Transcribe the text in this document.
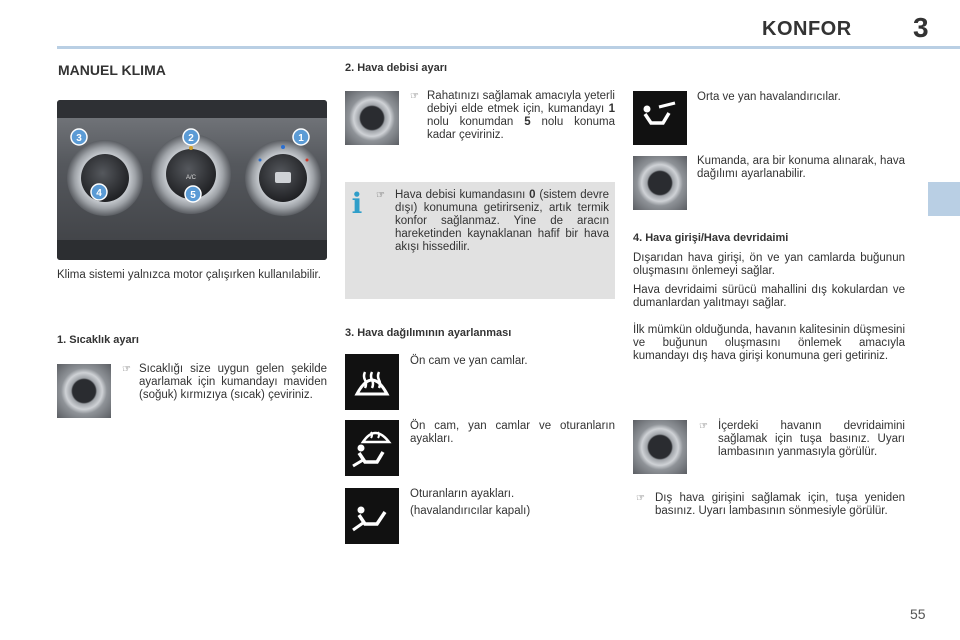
KONFOR 3
MANUEL KLIMA
A/C
3	2	1
4	5
Klima sistemi yalnızca motor çalışırken kullanılabilir.
1. Sıcaklık ayarı
☞ Sıcaklığı size uygun gelen şekilde ayarlamak için kumandayı maviden (soğuk) kırmızıya (sıcak) çeviriniz.
2. Hava debisi ayarı
☞ Rahatınızı sağlamak amacıyla yeterli debiyi elde etmek için, kumandayı 1 nolu konumdan 5 nolu konuma kadar çeviriniz.
i ☞ Hava debisi kumandasını 0 (sistem devre dışı) konumuna getirirseniz, artık termik konfor sağlanmaz. Yine de aracın hareketinden kaynaklanan hafif bir hava akışı hissedilir.
3. Hava dağılımının ayarlanması
Ön cam ve yan camlar.
Ön cam, yan camlar ve oturanların ayakları.
Oturanların ayakları.
(havalandırıcılar kapalı)
Orta ve yan havalandırıcılar.
Kumanda, ara bir konuma alınarak, hava dağılımı ayarlanabilir.
4. Hava girişi/Hava devridaimi
Dışarıdan hava girişi, ön ve yan camlarda buğunun oluşmasını önlemeyi sağlar.
Hava devridaimi sürücü mahallini dış kokulardan ve dumanlardan yalıtmayı sağlar.
İlk mümkün olduğunda, havanın kalitesinin düşmesini ve buğunun oluşmasını önlemek amacıyla kumandayı dış hava girişi konumuna geri getiriniz.
☞ İçerdeki havanın devridaimini sağlamak için tuşa basınız. Uyarı lambasının yanmasıyla görülür.
☞ Dış hava girişini sağlamak için, tuşa yeniden basınız. Uyarı lambasının sönmesiyle görülür.
55
